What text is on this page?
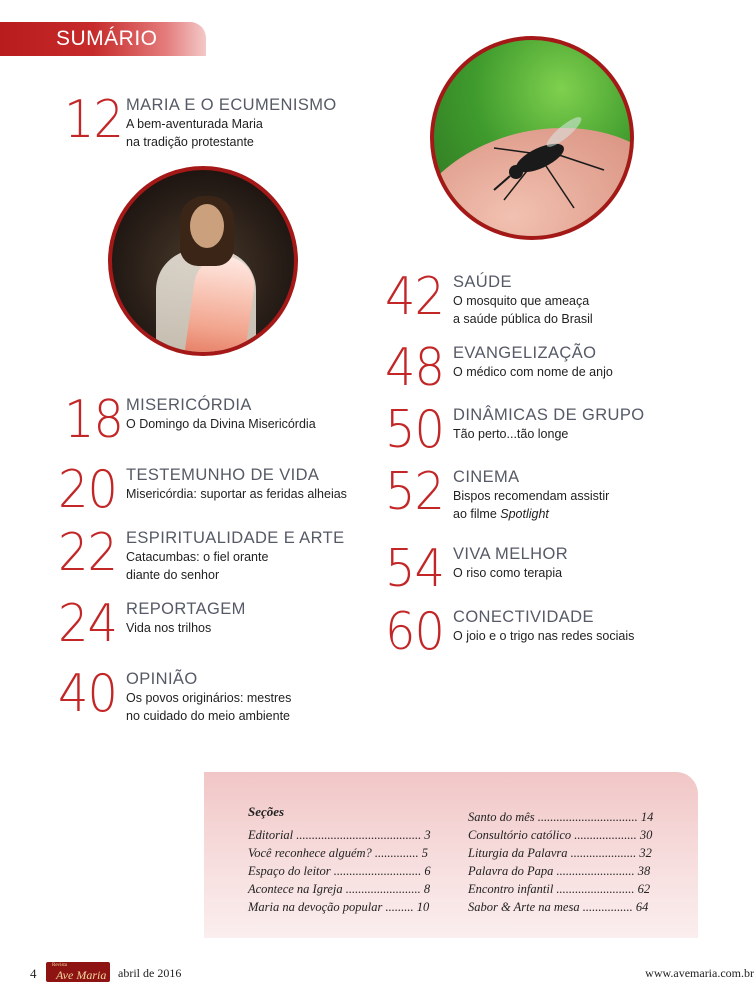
SUMÁRIO
12 MARIA E O ECUMENISMO
A bem-aventurada Maria
na tradição protestante
18 MISERICÓRDIA
O Domingo da Divina Misericórdia
20 TESTEMUNHO DE VIDA
Misericórdia: suportar as feridas alheias
22 ESPIRITUALIDADE E ARTE
Catacumbas: o fiel orante
diante do senhor
24 REPORTAGEM
Vida nos trilhos
40 OPINIÃO
Os povos originários: mestres
no cuidado do meio ambiente
42 SAÚDE
O mosquito que ameaça
a saúde pública do Brasil
48 EVANGELIZAÇÃO
O médico com nome de anjo
50 DINÂMICAS DE GRUPO
Tão perto...tão longe
52 CINEMA
Bispos recomendam assistir
ao filme Spotlight
54 VIVA MELHOR
O riso como terapia
60 CONECTIVIDADE
O joio e o trigo nas redes sociais
Seções
Editorial ........................................ 3
Você reconhece alguém? .............. 5
Espaço do leitor ............................ 6
Acontece na Igreja ........................ 8
Maria na devoção popular ......... 10
Santo do mês ................................ 14
Consultório católico .................... 30
Liturgia da Palavra ..................... 32
Palavra do Papa ......................... 38
Encontro infantil ......................... 62
Sabor & Arte na mesa ................ 64
4
Revista
Ave Maria abril de 2016	www.avemaria.com.br
